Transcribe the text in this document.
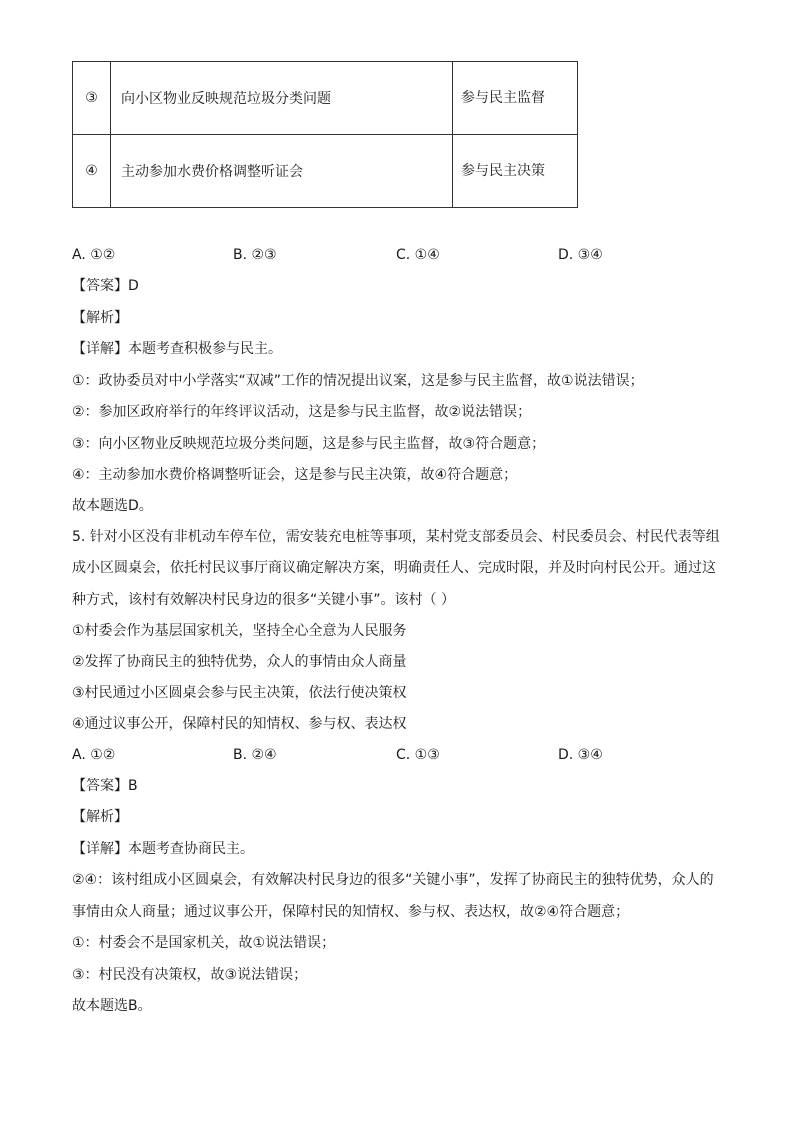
③	向小区物业反映规范垃圾分类问题	参与民主监督
④	主动参加水费价格调整听证会	参与民主决策
A. ①②	B. ②③	C. ①④	D. ③④
【答案】D
【解析】
【详解】本题考查积极参与民主。
①：政协委员对中小学落实“双减”工作的情况提出议案，这是参与民主监督，故①说法错误；
②：参加区政府举行的年终评议活动，这是参与民主监督，故②说法错误；
③：向小区物业反映规范垃圾分类问题，这是参与民主监督，故③符合题意；
④：主动参加水费价格调整听证会，这是参与民主决策，故④符合题意；
故本题选D。
5. 针对小区没有非机动车停车位，需安装充电桩等事项，某村党支部委员会、村民委员会、村民代表等组
成小区圆桌会，依托村民议事厅商议确定解决方案，明确责任人、完成时限，并及时向村民公开。通过这
种方式，该村有效解决村民身边的很多“关键小事”。该村（ ）
①村委会作为基层国家机关，坚持全心全意为人民服务
②发挥了协商民主的独特优势，众人的事情由众人商量
③村民通过小区圆桌会参与民主决策，依法行使决策权
④通过议事公开，保障村民的知情权、参与权、表达权
A. ①②	B. ②④	C. ①③	D. ③④
【答案】B
【解析】
【详解】本题考查协商民主。
②④：该村组成小区圆桌会，有效解决村民身边的很多“关键小事”，发挥了协商民主的独特优势，众人的
事情由众人商量；通过议事公开，保障村民的知情权、参与权、表达权，故②④符合题意；
①：村委会不是国家机关，故①说法错误；
③：村民没有决策权，故③说法错误；
故本题选B。
